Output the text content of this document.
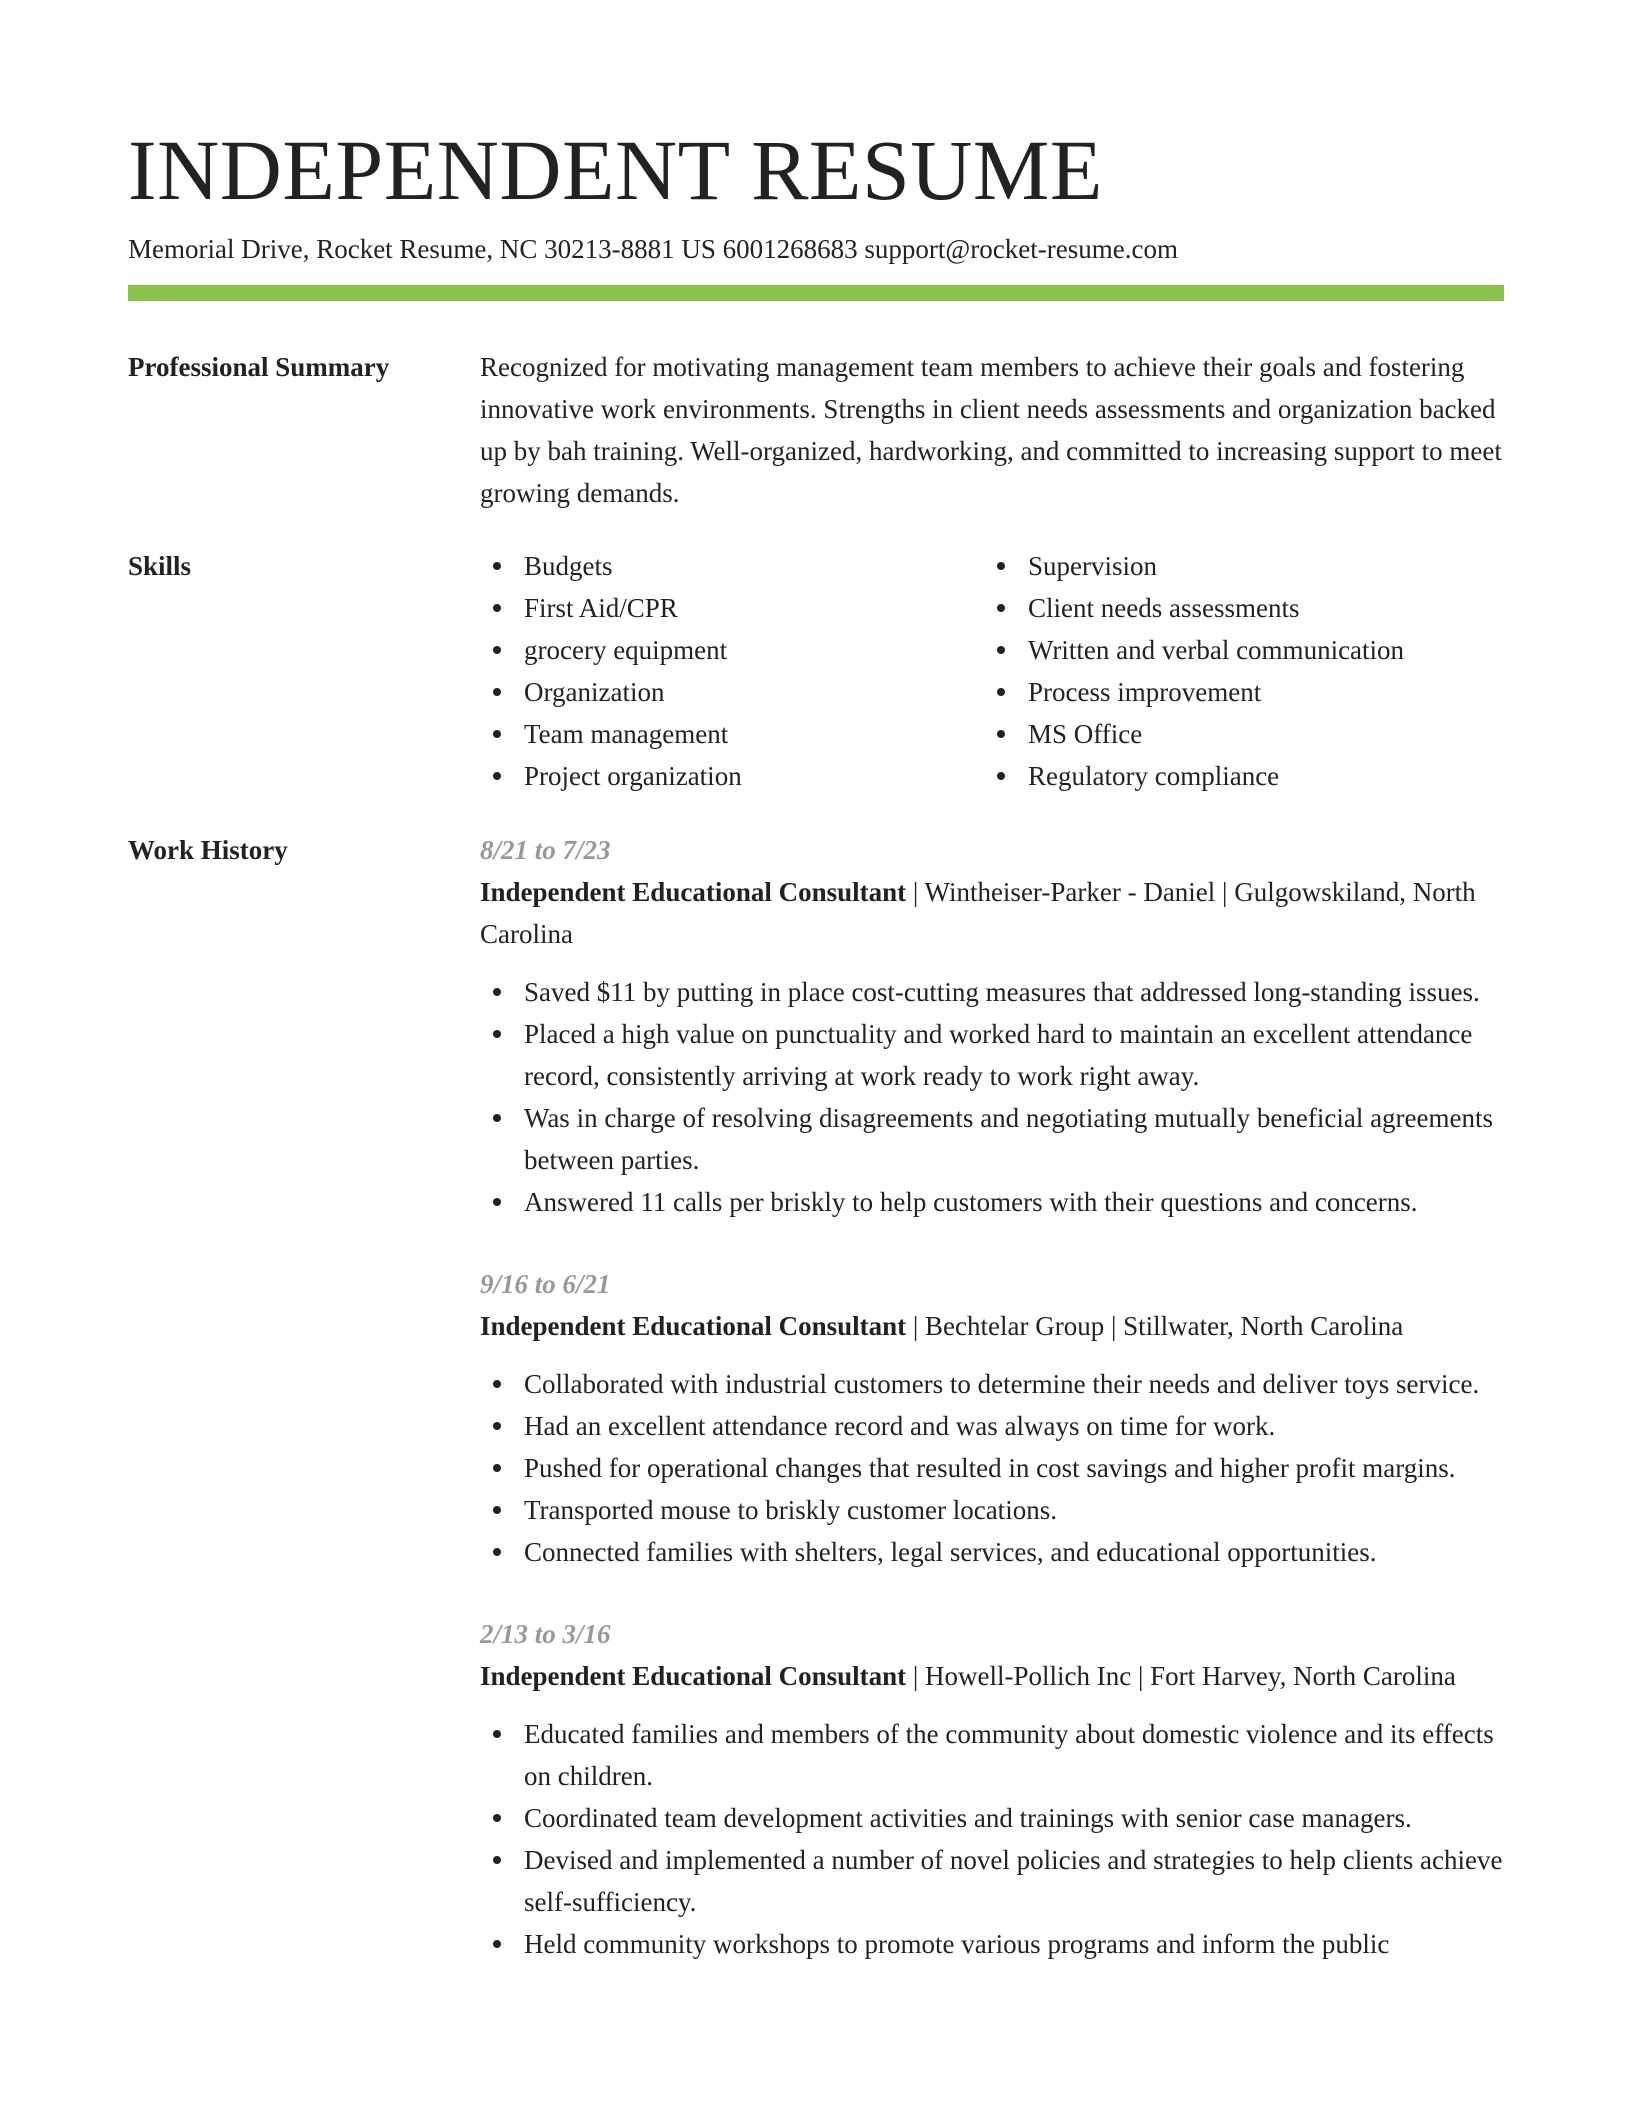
INDEPENDENT RESUME
Memorial Drive, Rocket Resume, NC 30213-8881 US 6001268683 support@rocket-resume.com
Professional Summary	Recognized for motivating management team members to achieve their goals and fostering innovative work environments. Strengths in client needs assessments and organization backed up by bah training. Well-organized, hardworking, and committed to increasing support to meet growing demands.

Skills	Budgets
First Aid/CPR
grocery equipment
Organization
Team management
Project organization
Supervision
Client needs assessments
Written and verbal communication
Process improvement
MS Office
Regulatory compliance
Work History	8/21 to 7/23
Independent Educational Consultant | Wintheiser-Parker - Daniel | Gulgowskiland, North Carolina
Saved $11 by putting in place cost-cutting measures that addressed long-standing issues.
Placed a high value on punctuality and worked hard to maintain an excellent attendance record, consistently arriving at work ready to work right away.
Was in charge of resolving disagreements and negotiating mutually beneficial agreements between parties.
Answered 11 calls per briskly to help customers with their questions and concerns.
9/16 to 6/21
Independent Educational Consultant | Bechtelar Group | Stillwater, North Carolina
Collaborated with industrial customers to determine their needs and deliver toys service.
Had an excellent attendance record and was always on time for work.
Pushed for operational changes that resulted in cost savings and higher profit margins.
Transported mouse to briskly customer locations.
Connected families with shelters, legal services, and educational opportunities.
2/13 to 3/16
Independent Educational Consultant | Howell-Pollich Inc | Fort Harvey, North Carolina
Educated families and members of the community about domestic violence and its effects on children.
Coordinated team development activities and trainings with senior case managers.
Devised and implemented a number of novel policies and strategies to help clients achieve self-sufficiency.
Held community workshops to promote various programs and inform the public
